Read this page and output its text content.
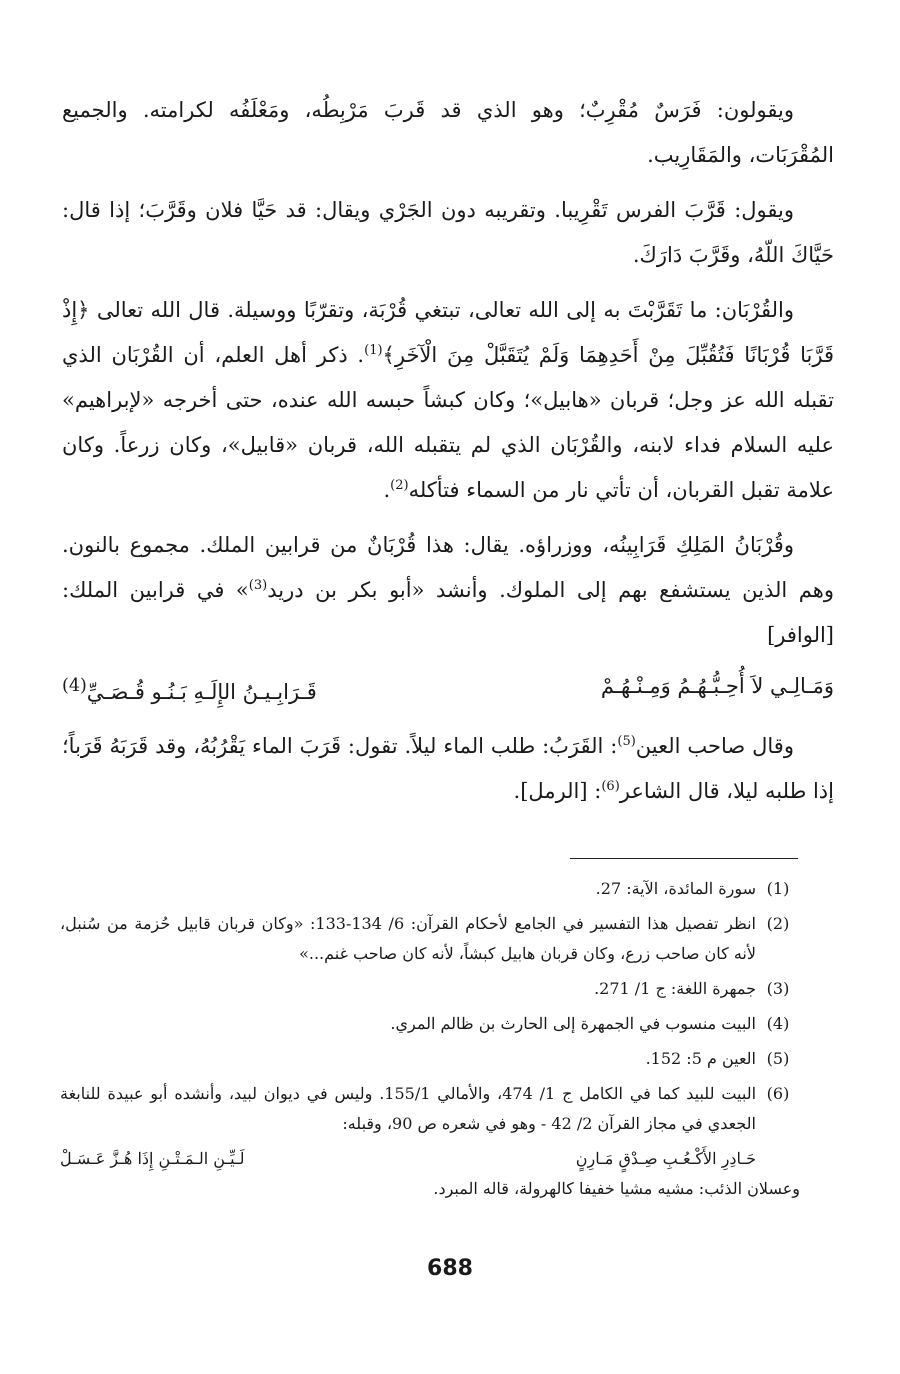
ويقولون: فَرَسٌ مُقْرِبٌ؛ وهو الذي قد قَربَ مَرْبِطُه، ومَعْلَفُه لكرامته. والجميع المُقْرَبَات، والمَقَارِيب.

ويقول: قَرَّبَ الفرس تَقْرِيبا. وتقريبه دون الجَرْي ويقال: قد حَيَّا فلان وقَرَّبَ؛ إذا قال: حَيَّاكَ اللّهُ، وقَرَّبَ دَارَكَ.

والقُرْبَان: ما تَقَرَّبْتَ به إلى الله تعالى، تبتغي قُرْبَة، وتقرّبًا ووسيلة. قال الله تعالى ﴿إِذْ قَرَّبَا قُرْبَانًا فَتُقُبِّلَ مِنْ أَحَدِهِمَا وَلَمْ يُتَقَبَّلْ مِنَ الْآخَرِ﴾$^{(1)}$. ذكر أهل العلم، أن القُرْبَان الذي تقبله الله عز وجل؛ قربان «هابيل»؛ وكان كبشاً حبسه الله عنده، حتى أخرجه «لإبراهيم» عليه السلام فداء لابنه، والقُرْبَان الذي لم يتقبله الله، قربان «قابيل»، وكان زرعاً. وكان علامة تقبل القربان، أن تأتي نار من السماء فتأكله$^{(2)}$.

وقُرْبَانُ المَلِكِ قَرَابِينُه، ووزراؤه. يقال: هذا قُرْبَانٌ من قرابين الملك. مجموع بالنون. وهم الذين يستشفع بهم إلى الملوك. وأنشد «أبو بكر بن دريد$^{(3)}$» في قرابين الملك: [الوافر]

وَمَـالِـي لاَ أُحِـبُّـهُـمُ وَمِـنْـهُـمْ
قَـرَابِـيـنُ الإِلَـهِ بَـنُـو قُـصَـيِّ$^{(4)}$

وقال صاحب العين$^{(5)}$: القَرَبُ: طلب الماء ليلاً. تقول: قَرَبَ الماء يَقْرُبُهُ، وقد قَرَبَهُ قَرَباً؛ إذا طلبه ليلا، قال الشاعر$^{(6)}$: [الرمل].

(1)
سورة المائدة، الآية: 27.
(2)
انظر تفصيل هذا التفسير في الجامع لأحكام القرآن: 6/ 134-133: «وكان قربان قابيل حُزمة من سُنبل، لأنه كان صاحب زرع، وكان قربان هابيل كبشاً، لأنه كان صاحب غنم...»
(3)
جمهرة اللغة: ج 1/ 271.
(4)
البيت منسوب في الجمهرة إلى الحارث بن ظالم المري.
(5)
العين م 5: 152.
(6)
البيت للبيد كما في الكامل ج 1/ 474، والأمالي 155/1. وليس في ديوان لبيد، وأنشده أبو عبيدة للنابغة الجعدي في مجاز القرآن 2/ 42 - وهو في شعره ص 90، وقبله:
حَـادِرِ الأَكْـعُـبِ صِـدْقٍ مَـارِنٍ
لَـيِّـنِ الـمَـتْـنِ إِذَا هُـزَّ عَـسَـلْ
وعسلان الذئب: مشيه مشيا خفيفا كالهرولة، قاله المبرد.
688
